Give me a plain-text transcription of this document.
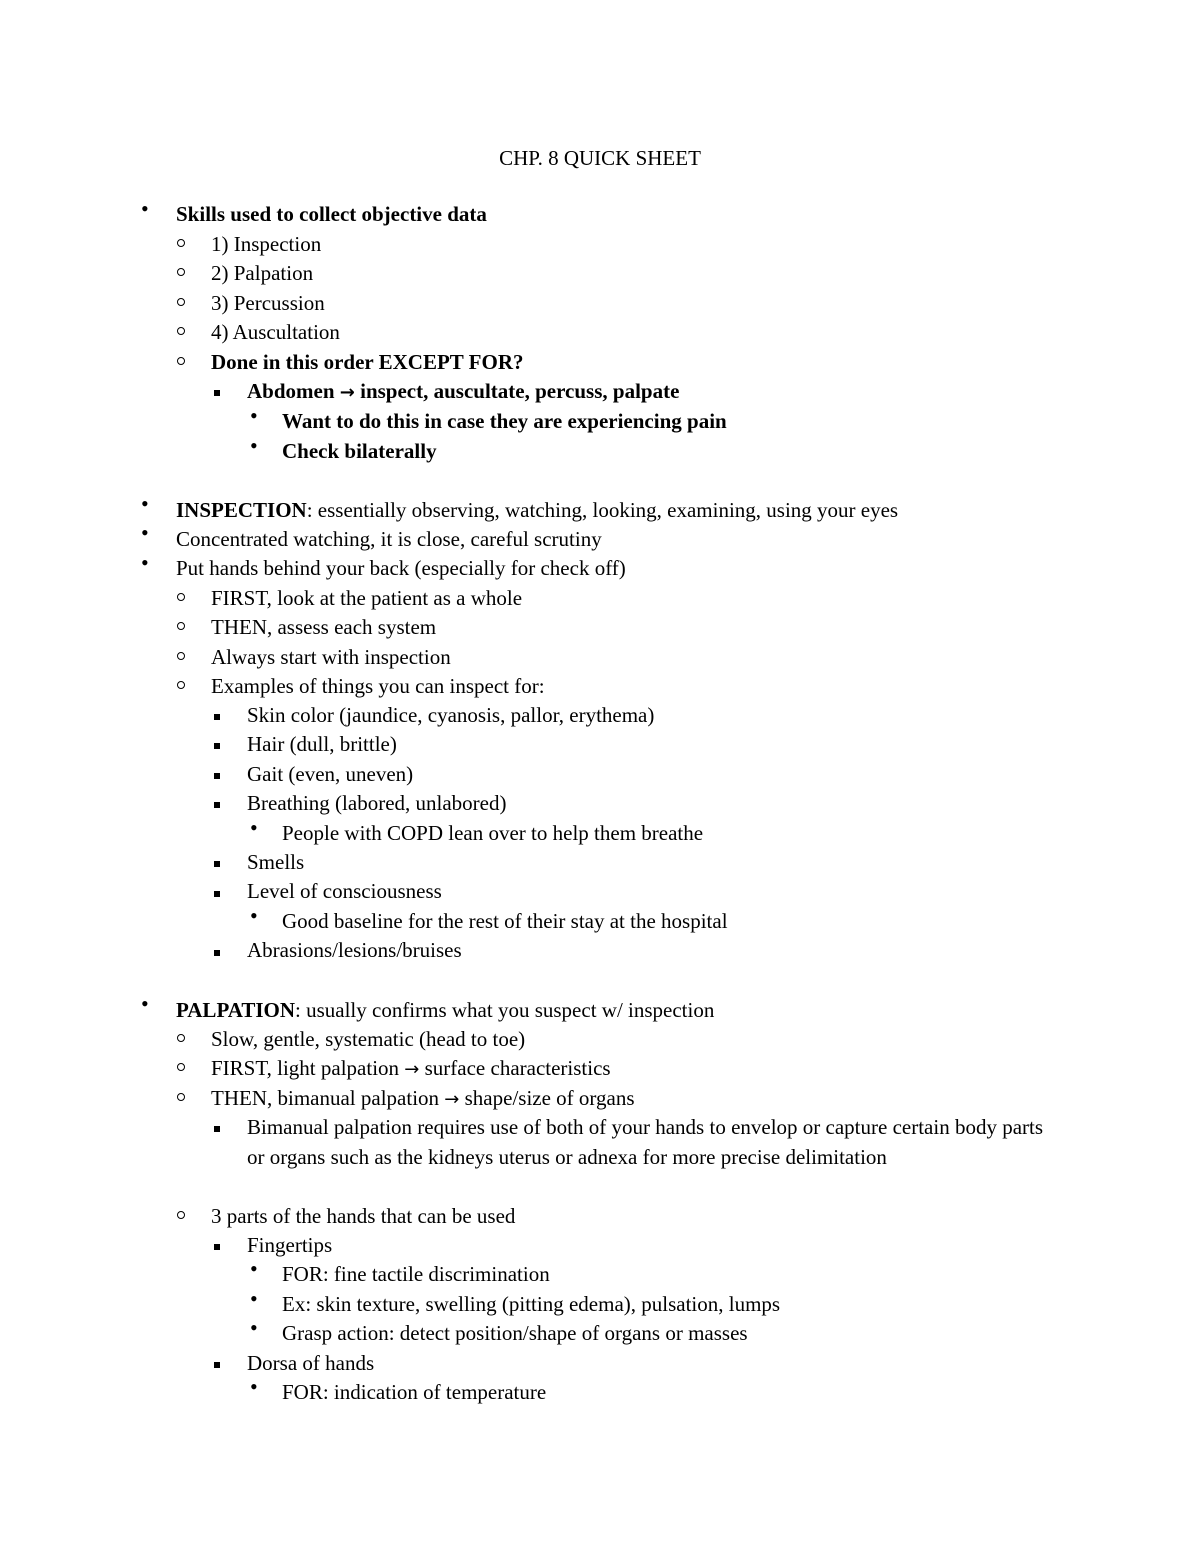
CHP. 8 QUICK SHEET
• Skills used to collect objective data
1) Inspection
2) Palpation
3) Percussion
4) Auscultation
Done in this order EXCEPT FOR?
Abdomen → inspect, auscultate, percuss, palpate
• Want to do this in case they are experiencing pain
• Check bilaterally
• INSPECTION: essentially observing, watching, looking, examining, using your eyes
• Concentrated watching, it is close, careful scrutiny
• Put hands behind your back (especially for check off)
FIRST, look at the patient as a whole
THEN, assess each system
Always start with inspection
Examples of things you can inspect for:
Skin color (jaundice, cyanosis, pallor, erythema)
Hair (dull, brittle)
Gait (even, uneven)
Breathing (labored, unlabored)
• People with COPD lean over to help them breathe
Smells
Level of consciousness
• Good baseline for the rest of their stay at the hospital
Abrasions/lesions/bruises
• PALPATION: usually confirms what you suspect w/ inspection
Slow, gentle, systematic (head to toe)
FIRST, light palpation → surface characteristics
THEN, bimanual palpation → shape/size of organs
Bimanual palpation requires use of both of your hands to envelop or capture certain body parts or organs such as the kidneys uterus or adnexa for more precise delimitation
3 parts of the hands that can be used
Fingertips
• FOR: fine tactile discrimination
• Ex: skin texture, swelling (pitting edema), pulsation, lumps
• Grasp action: detect position/shape of organs or masses
Dorsa of hands
• FOR: indication of temperature
